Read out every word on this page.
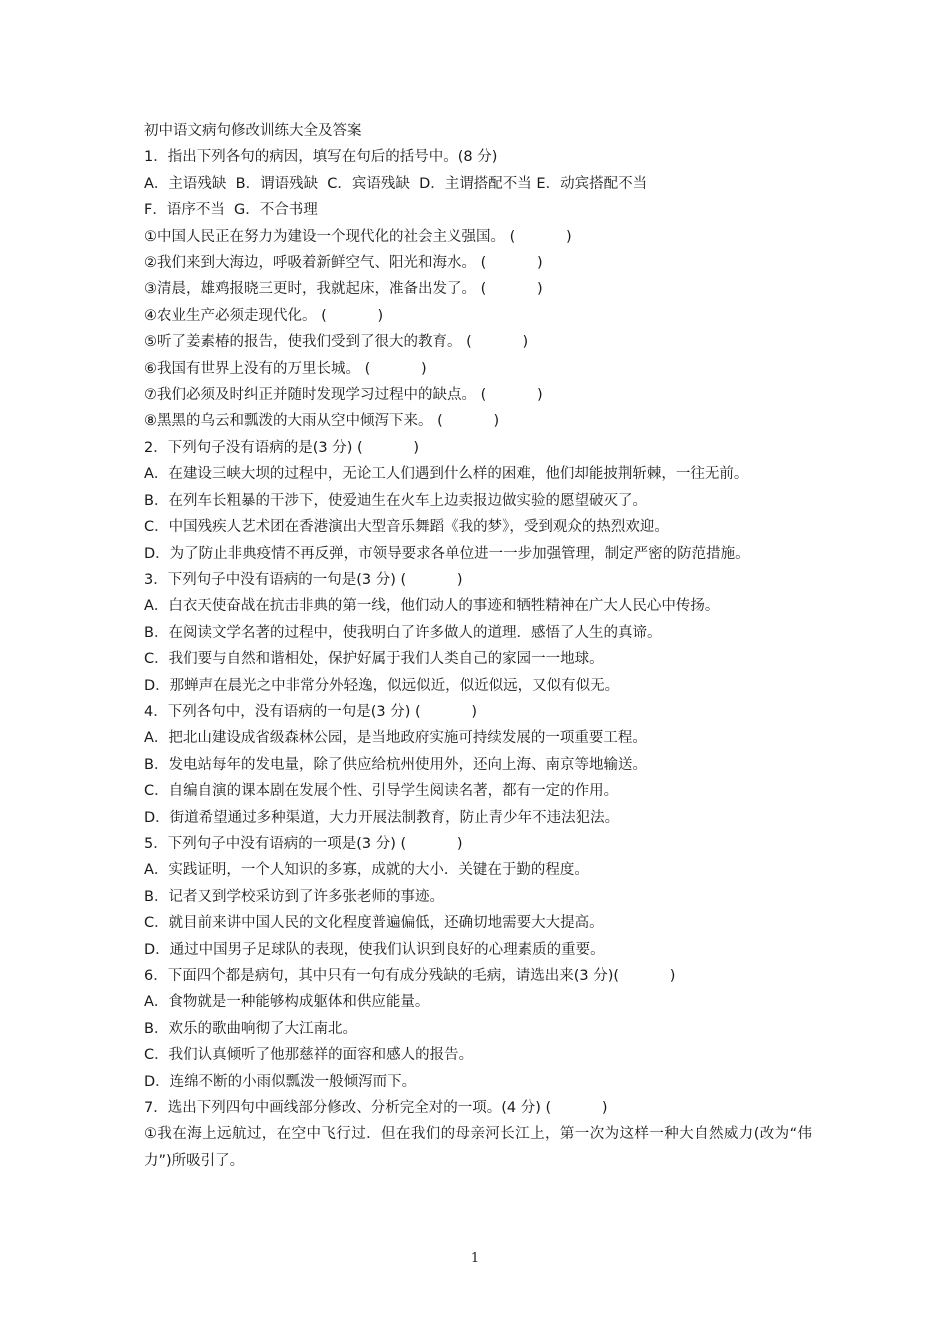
初中语文病句修改训练大全及答案
1．指出下列各句的病因，填写在句后的括号中。(8 分)
A．主语残缺  B．谓语残缺  C．宾语残缺  D．主谓搭配不当 E．动宾搭配不当
F．语序不当  G．不合书理
①中国人民正在努力为建设一个现代化的社会主义强国。 (           )
②我们来到大海边，呼吸着新鲜空气、阳光和海水。 (           )
③清晨，雄鸡报晓三更时，我就起床，准备出发了。 (           )
④农业生产必须走现代化。 (           )
⑤听了姜素椿的报告，使我们受到了很大的教育。 (           )
⑥我国有世界上没有的万里长城。 (           )
⑦我们必须及时纠正并随时发现学习过程中的缺点。 (           )
⑧黑黑的乌云和瓢泼的大雨从空中倾泻下来。 (           )
2．下列句子没有语病的是(3 分) (           )
A．在建设三峡大坝的过程中，无论工人们遇到什么样的困难，他们却能披荆斩棘，一往无前。
B．在列车长粗暴的干涉下，使爱迪生在火车上边卖报边做实验的愿望破灭了。
C．中国残疾人艺术团在香港演出大型音乐舞蹈《我的梦》，受到观众的热烈欢迎。
D．为了防止非典疫情不再反弹，市领导要求各单位进一一步加强管理，制定严密的防范措施。
3．下列句子中没有语病的一句是(3 分) (           )
A．白衣天使奋战在抗击非典的第一线，他们动人的事迹和牺牲精神在广大人民心中传扬。
B．在阅读文学名著的过程中，使我明白了许多做人的道理．感悟了人生的真谛。
C．我们要与自然和谐相处，保护好属于我们人类自己的家园一一地球。
D．那蝉声在晨光之中非常分外轻逸，似远似近，似近似远，又似有似无。
4．下列各句中，没有语病的一句是(3 分) (           )
A．把北山建设成省级森林公园，是当地政府实施可持续发展的一项重要工程。
B．发电站每年的发电量，除了供应给杭州使用外，还向上海、南京等地输送。
C．自编自演的课本剧在发展个性、引导学生阅读名著，都有一定的作用。
D．街道希望通过多种渠道，大力开展法制教育，防止青少年不违法犯法。
5．下列句子中没有语病的一项是(3 分) (           )
A．实践证明，一个人知识的多寡，成就的大小．关键在于勤的程度。
B．记者又到学校采访到了许多张老师的事迹。
C．就目前来讲中国人民的文化程度普遍偏低，还确切地需要大大提高。
D．通过中国男子足球队的表现，使我们认识到良好的心理素质的重要。
6．下面四个都是病句，其中只有一句有成分残缺的毛病，请选出来(3 分)(           )
A．食物就是一种能够构成躯体和供应能量。
B．欢乐的歌曲响彻了大江南北。
C．我们认真倾听了他那慈祥的面容和感人的报告。
D．连绵不断的小雨似瓢泼一般倾泻而下。
7．选出下列四句中画线部分修改、分析完全对的一项。(4 分) (           )
①我在海上远航过，在空中飞行过．但在我们的母亲河长江上，第一次为这样一种大自然威力(改为“伟力”)所吸引了。
1
